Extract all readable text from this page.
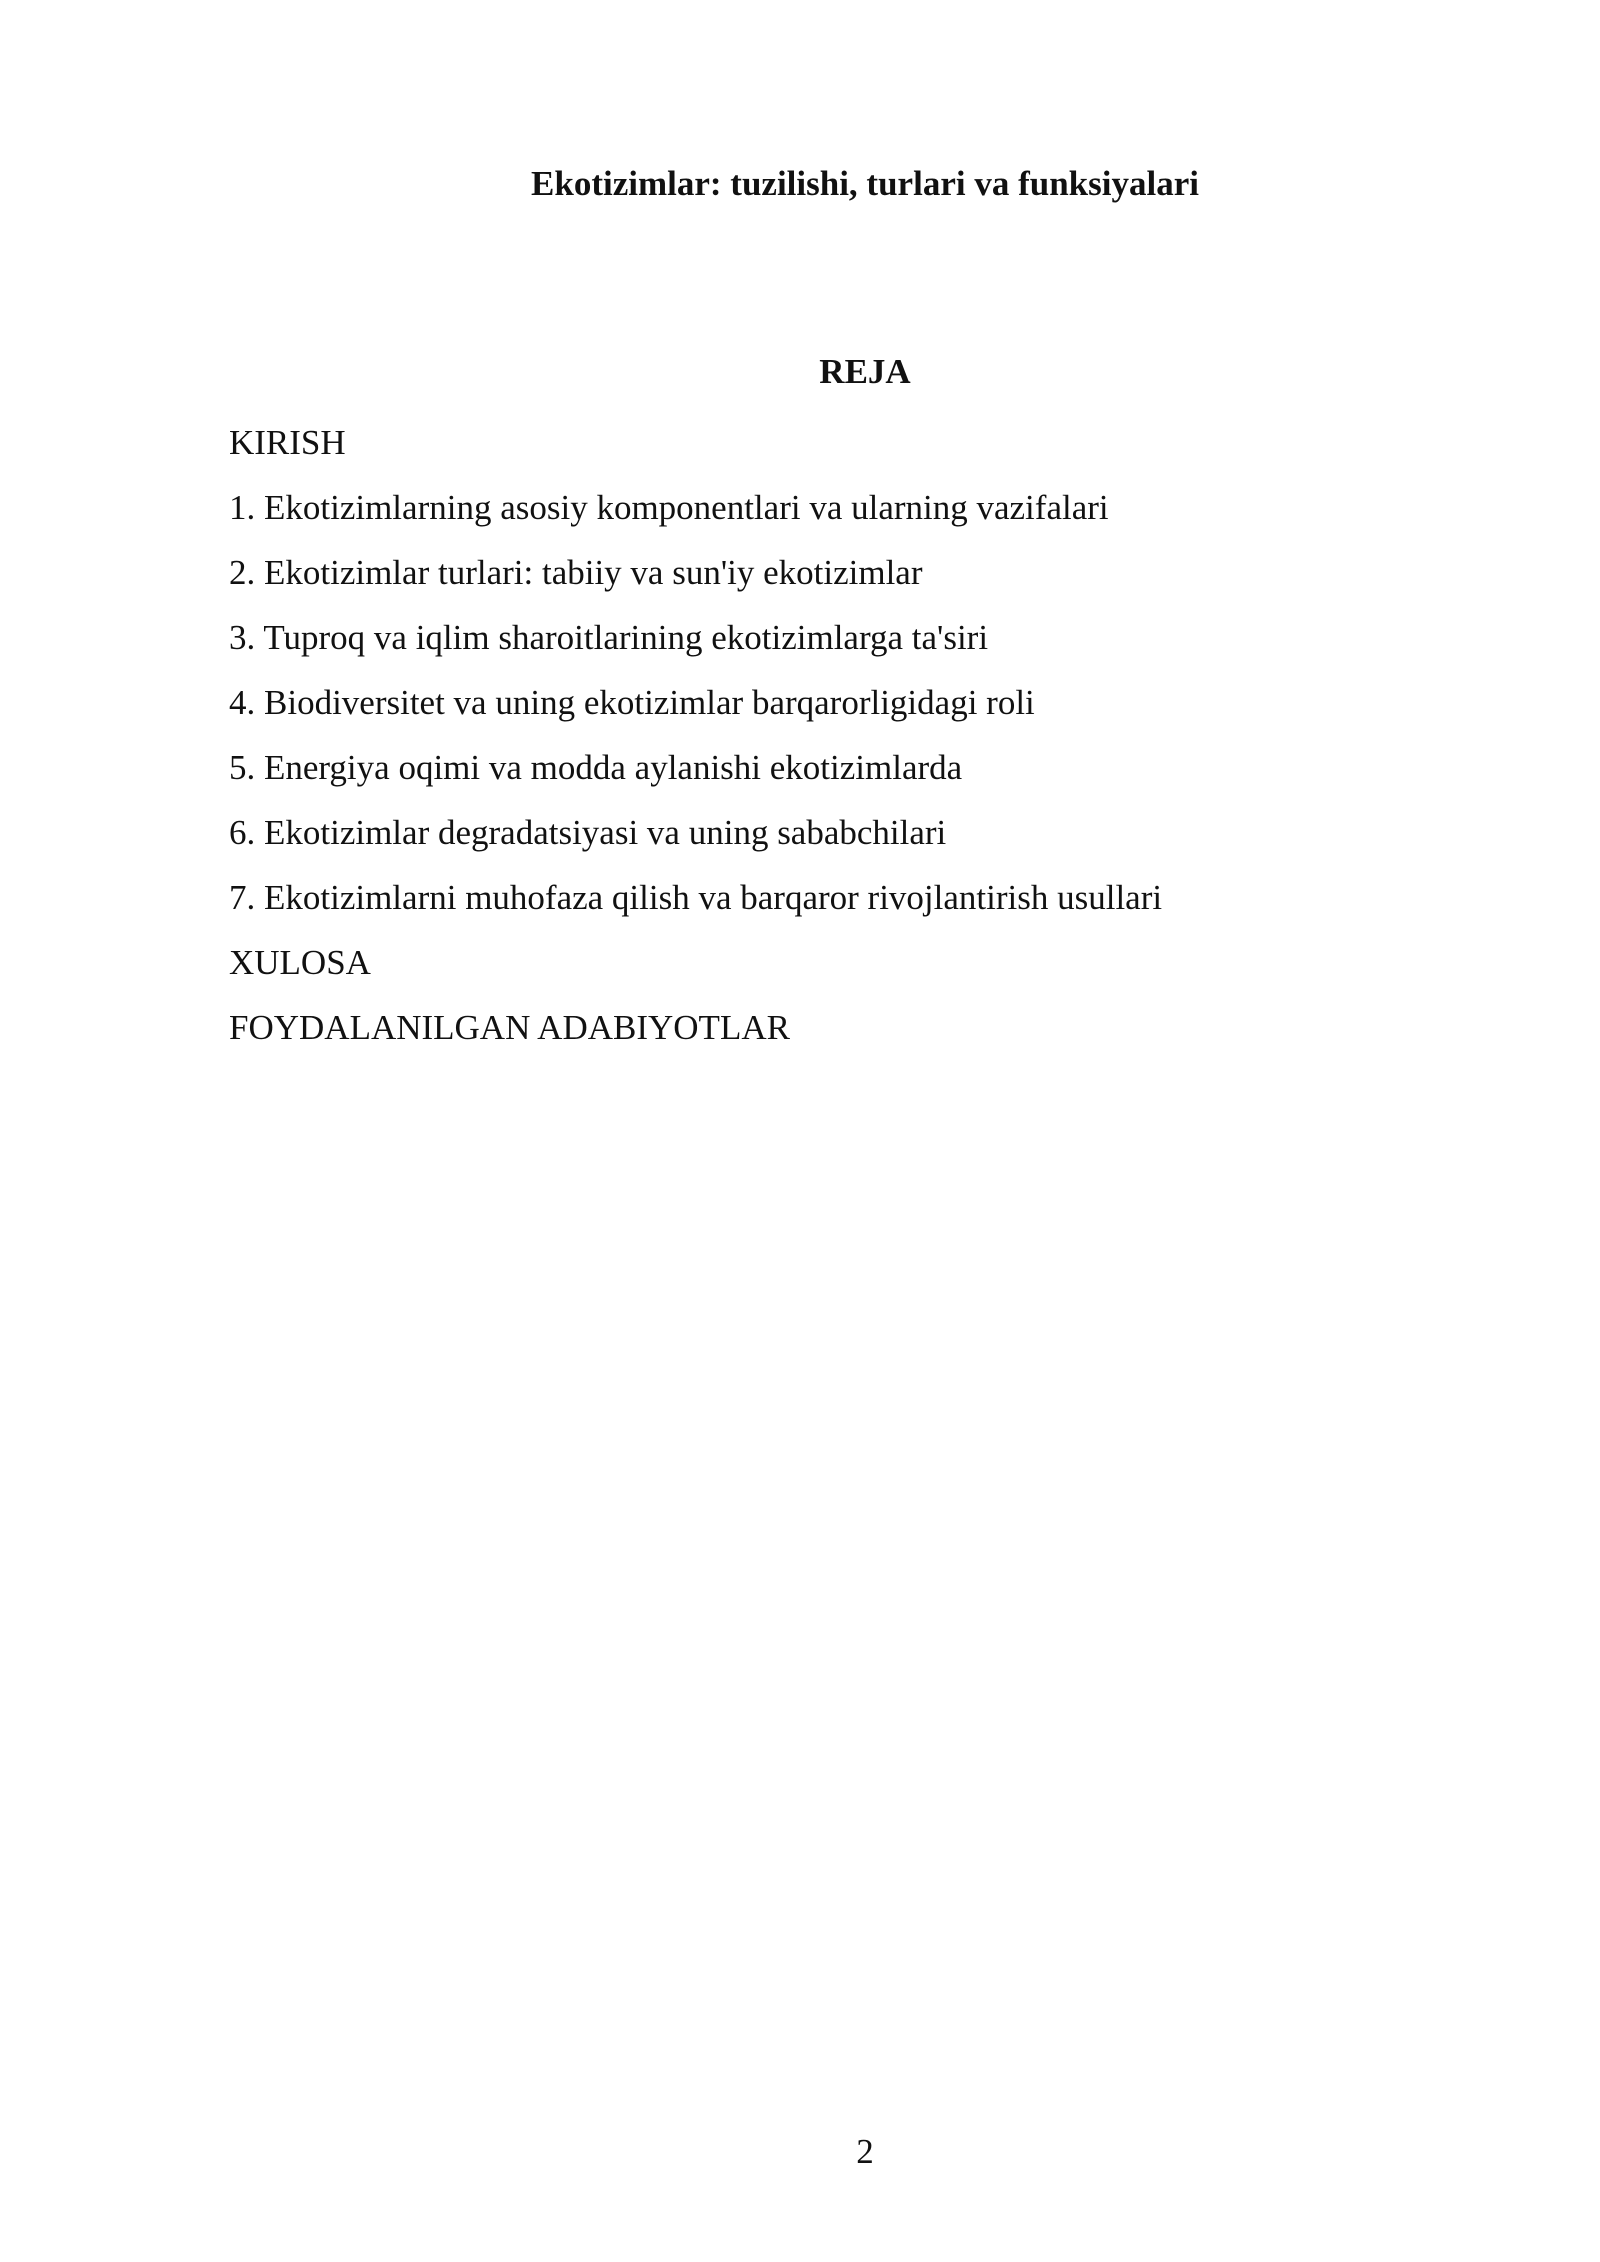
Ekotizimlar: tuzilishi, turlari va funksiyalari
REJA
KIRISH
1. Ekotizimlarning asosiy komponentlari va ularning vazifalari
2. Ekotizimlar turlari: tabiiy va sun'iy ekotizimlar
3. Tuproq va iqlim sharoitlarining ekotizimlarga ta'siri
4. Biodiversitet va uning ekotizimlar barqarorligidagi roli
5. Energiya oqimi va modda aylanishi ekotizimlarda
6. Ekotizimlar degradatsiyasi va uning sababchilari
7. Ekotizimlarni muhofaza qilish va barqaror rivojlantirish usullari
XULOSA
FOYDALANILGAN ADABIYOTLAR
2
